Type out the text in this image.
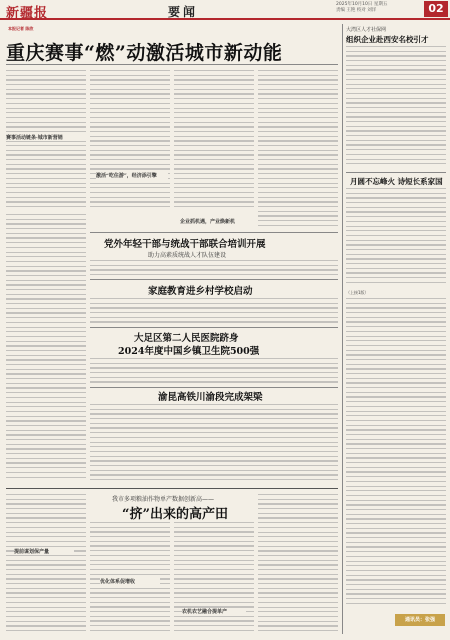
新疆报	要闻
2025年10月10日 星期五
责编 王艳 校对 刘洋	02
本报记者 陈欣
重庆赛事“燃”动激活城市新动能
赛事活动链条·城市新营销
激活“吃住游”，经济添引擎
企业抓机遇，产业焕新机
党外年轻干部与统战干部联合培训开展
助力高素质统战人才队伍建设
家庭教育进乡村学校启动
大足区第二人民医院跻身
2024年度中国乡镇卫生院500强
渝昆高铁川渝段完成架梁
我市多项粮油作物单产数据创新高——
“挤”出来的高产田
提前谋划保产量
优化体系促增收
农机农艺融合提单产
大湾区人才社保网
组织企业赴西安名校引才
月圆不忘峰火 诗短长系家国
（上接1版）
通讯员：张强
